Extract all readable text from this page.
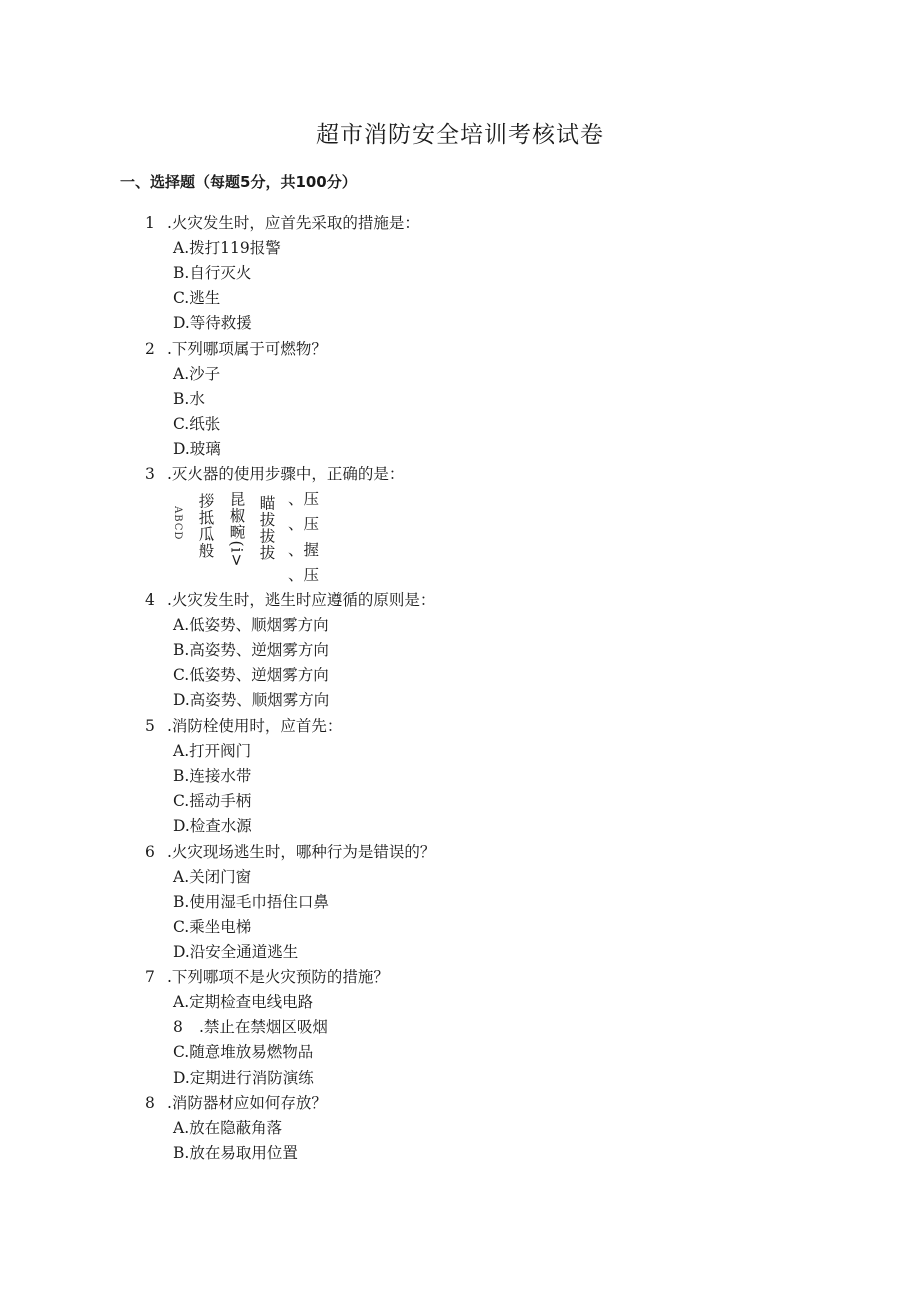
超市消防安全培训考核试卷
一、选择题（每题5分，共100分）
1 .火灾发生时，应首先采取的措施是：
A.拨打119报警
B.自行灭火
C.逃生
D.等待救援
2 .下列哪项属于可燃物？
A.沙子
B.水
C.纸张
D.玻璃
3 .灭火器的使用步骤中，正确的是：
ABCD 拶抵瓜般 昆椒畹(i> 瞄拔拔拔 、压
、压
、握
、压
4 .火灾发生时，逃生时应遵循的原则是：
A.低姿势、顺烟雾方向
B.高姿势、逆烟雾方向
C.低姿势、逆烟雾方向
D.高姿势、顺烟雾方向
5 .消防栓使用时，应首先：
A.打开阀门
B.连接水带
C.摇动手柄
D.检查水源
6 .火灾现场逃生时，哪种行为是错误的？
A.关闭门窗
B.使用湿毛巾捂住口鼻
C.乘坐电梯
D.沿安全通道逃生
7 .下列哪项不是火灾预防的措施？
A.定期检查电线电路
8 .禁止在禁烟区吸烟
C.随意堆放易燃物品
D.定期进行消防演练
8 .消防器材应如何存放？
A.放在隐蔽角落
B.放在易取用位置
